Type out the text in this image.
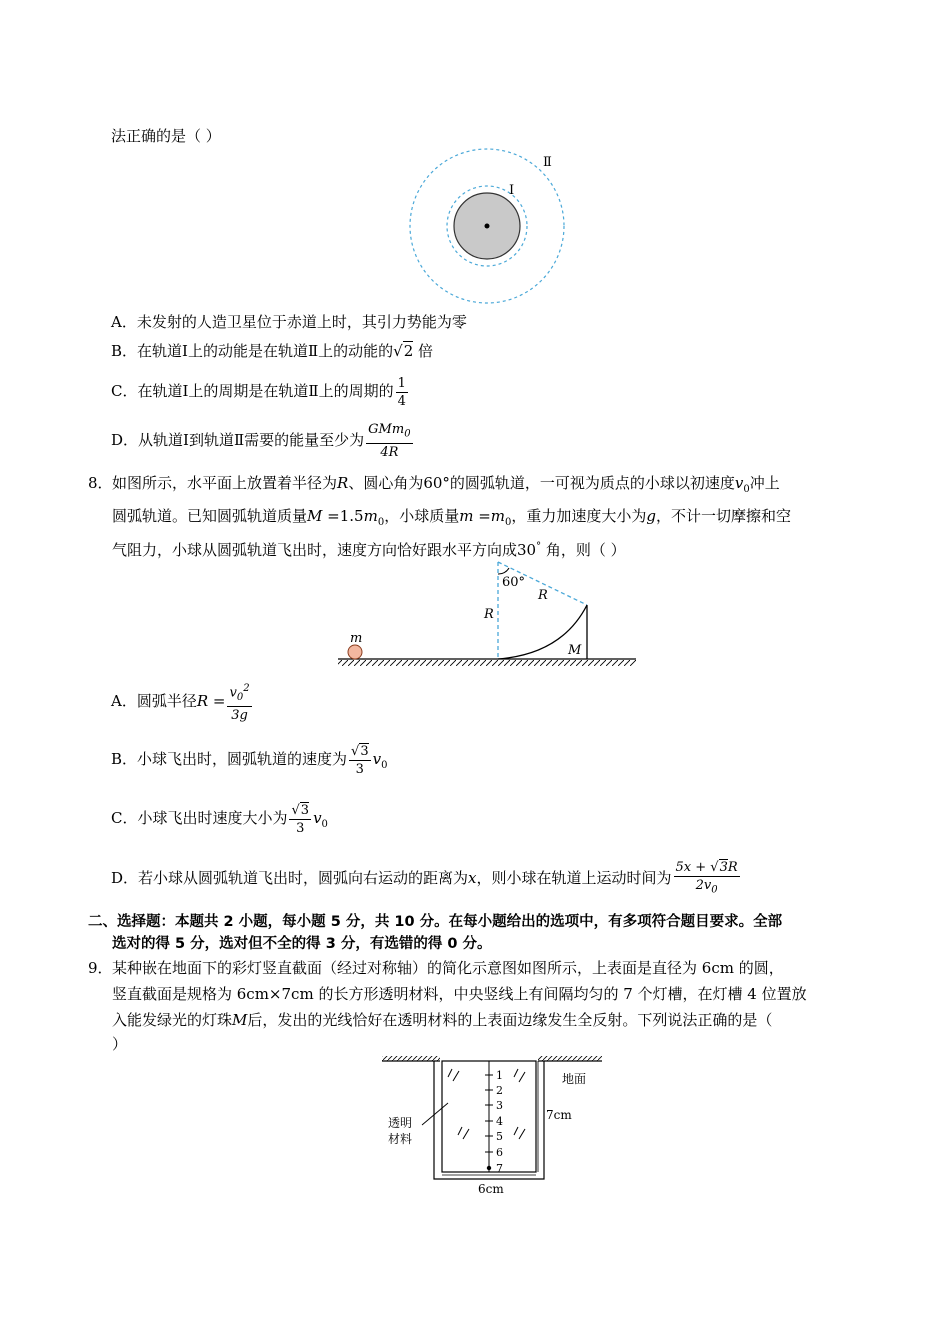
法正确的是（ ）
Ⅰ
Ⅱ
A．未发射的人造卫星位于赤道上时，其引力势能为零
B．在轨道Ⅰ上的动能是在轨道Ⅱ上的动能的√2 倍
C．在轨道Ⅰ上的周期是在轨道Ⅱ上的周期的 $\frac{1}{4}$
D．从轨道Ⅰ到轨道Ⅱ需要的能量至少为 $\frac{GMm_0}{4R}$
8． 如图所示，水平面上放置着半径为R、圆心角为60°的圆弧轨道，一可视为质点的小球以初速度$v_0$冲上
圆弧轨道。已知圆弧轨道质量$M =1.5m_0$，小球质量$m =m_0$，重力加速度大小为g，不计一切摩擦和空
气阻力，小球从圆弧轨道飞出时，速度方向恰好跟水平方向成30° 角，则（ ）
60°
R
R
M
m
A．圆弧半径$R = \frac{v_0^2}{3g}$
B．小球飞出时，圆弧轨道的速度为 $\frac{√3}{3} v_0$
C．小球飞出时速度大小为 $\frac{√3}{3} v_0$
D．若小球从圆弧轨道飞出时，圆弧向右运动的距离为x，则小球在轨道上运动时间为 $\frac{5x + √3R}{2v_0}$
二、选择题：本题共 2 小题，每小题 5 分，共 10 分。在每小题给出的选项中，有多项符合题目要求。全部
选对的得 5 分，选对但不全的得 3 分，有选错的得 0 分。
9． 某种嵌在地面下的彩灯竖直截面（经过对称轴）的简化示意图如图所示，上表面是直径为 6cm 的圆，
竖直截面是规格为 6cm×7cm 的长方形透明材料，中央竖线上有间隔均匀的 7 个灯槽，在灯槽 4 位置放
入能发绿光的灯珠M后，发出的光线恰好在透明材料的上表面边缘发生全反射。下列说法正确的是（
）
1
2
3
4
5
6
7
透明
材料
地面
7cm
6cm
